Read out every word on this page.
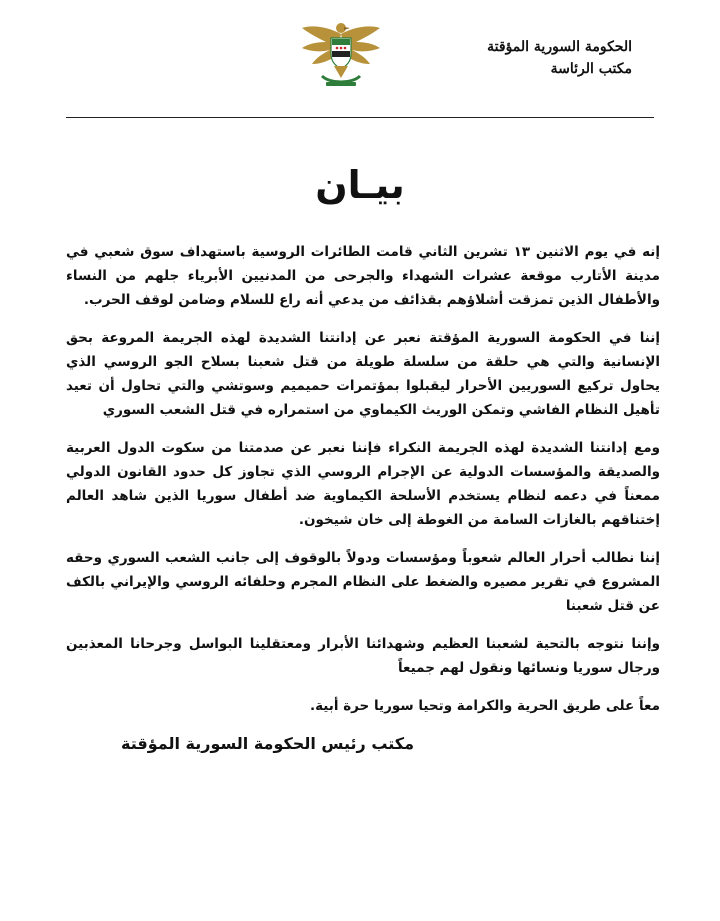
الحكومة السورية المؤقتة
مكتب الرئاسة
بيـان

إنه في يوم الاثنين ١٣ تشرين الثاني قامت الطائرات الروسية باستهداف سوق شعبي في مدينة الأتارب موقعة عشرات الشهداء والجرحى من المدنيين الأبرياء جلهم من النساء والأطفال الذين تمزقت أشلاؤهم بقذائف من يدعي أنه راع للسلام وضامن لوقف الحرب.

إننا في الحكومة السورية المؤقتة نعبر عن إدانتنا الشديدة لهذه الجريمة المروعة بحق الإنسانية والتي هي حلقة من سلسلة طويلة من قتل شعبنا بسلاح الجو الروسي الذي يحاول تركيع السوريين الأحرار ليقبلوا بمؤتمرات حميميم وسوتشي والتي تحاول أن تعيد تأهيل النظام الفاشي وتمكن الوريث الكيماوي من استمراره في قتل الشعب السوري

ومع إدانتنا الشديدة لهذه الجريمة النكراء فإننا نعبر عن صدمتنا من سكوت الدول العربية والصديقة والمؤسسات الدولية عن الإجرام الروسي الذي تجاوز كل حدود القانون الدولي ممعناً في دعمه لنظام يستخدم الأسلحة الكيماوية ضد أطفال سوريا الذين شاهد العالم إختناقهم بالغازات السامة من الغوطة إلى خان شيخون.

إننا نطالب أحرار العالم شعوباً ومؤسسات ودولاً بالوقوف إلى جانب الشعب السوري وحقه المشروع في تقرير مصيره والضغط على النظام المجرم وحلفائه الروسي والإيراني بالكف عن قتل شعبنا

وإننا نتوجه بالتحية لشعبنا العظيم وشهدائنا الأبرار ومعتقلينا البواسل وجرحانا المعذبين ورجال سوريا ونسائها ونقول لهم جميعاً

معاً على طريق الحرية والكرامة وتحيا سوريا حرة أبية.

مكتب رئيس الحكومة السورية المؤقتة
